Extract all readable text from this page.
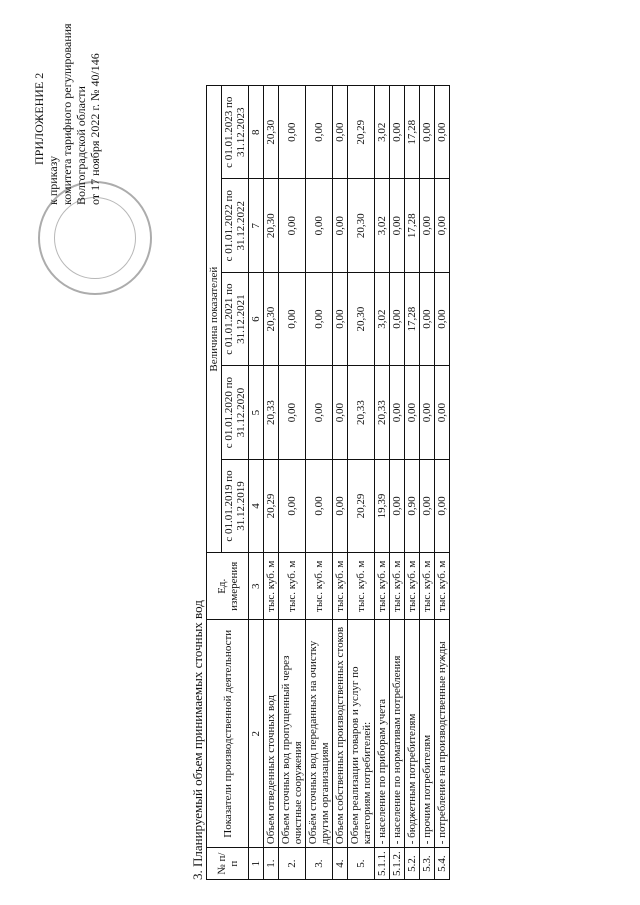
ПРИЛОЖЕНИЕ 2
к приказу комитета тарифного регулирования Волгоградской области от 17 ноября 2022 г. № 40/146
3. Планируемый объем принимаемых сточных вод № п/п	Показатели производственной деятельности	Ед. измерения	Величина показателей				
			с 01.01.2019 по 31.12.2019	с 01.01.2020 по 31.12.2020	с 01.01.2021 по 31.12.2021	с 01.01.2022 по 31.12.2022	с 01.01.2023 по 31.12.2023
1	2	3	4	5	6	7	8
1.	Объем отведенных сточных вод	тыс. куб. м	20,29	20,33	20,30	20,30	20,30
2.	Объем сточных вод пропущенный через очистные сооружения	тыс. куб. м	0,00	0,00	0,00	0,00	0,00
3.	Объём сточных вод переданных на очистку другим организациям	тыс. куб. м	0,00	0,00	0,00	0,00	0,00
4.	Объем собственных производственных стоков	тыс. куб. м	0,00	0,00	0,00	0,00	0,00
5.	Объем реализации товаров и услуг по категориям потребителей:	тыс. куб. м	20,29	20,33	20,30	20,30	20,29
5.1.1.	- население по приборам учета	тыс. куб. м	19,39	20,33	3,02	3,02	3,02
5.1.2.	- население по нормативам потребления	тыс. куб. м	0,00	0,00	0,00	0,00	0,00
5.2.	- бюджетным потребителям	тыс. куб. м	0,90	0,00	17,28	17,28	17,28
5.3.	- прочим потребителям	тыс. куб. м	0,00	0,00	0,00	0,00	0,00
5.4.	- потребление на производственные нужды	тыс. куб. м	0,00	0,00	0,00	0,00	0,00
